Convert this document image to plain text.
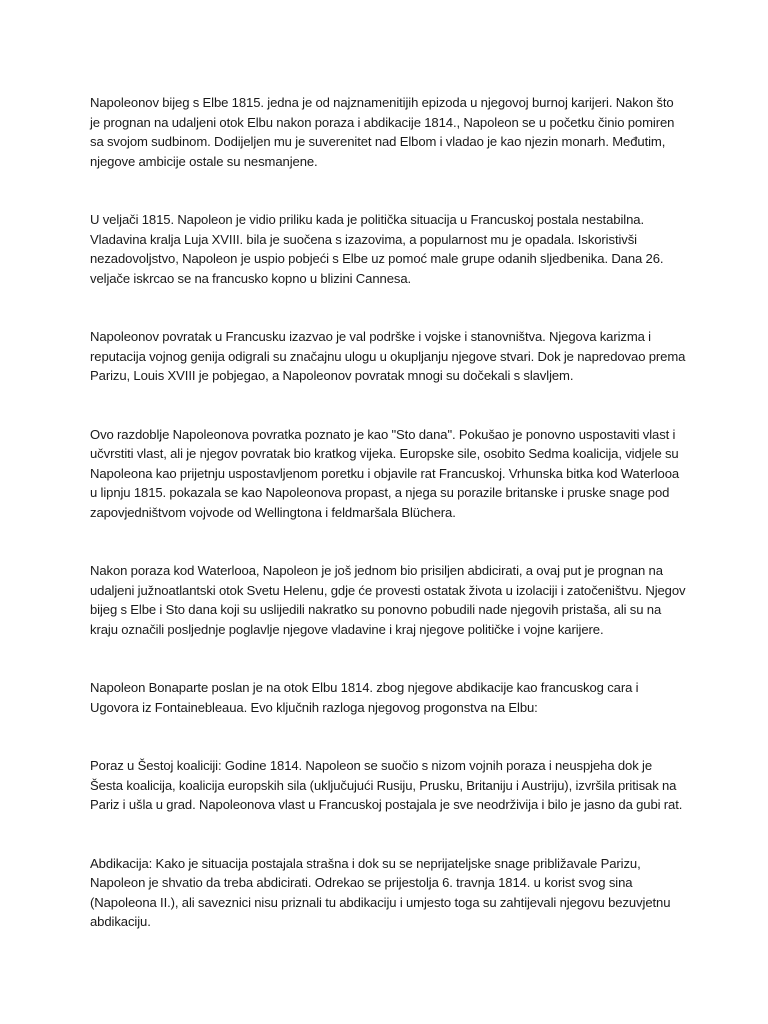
Napoleonov bijeg s Elbe 1815. jedna je od najznamenitijih epizoda u njegovoj burnoj karijeri. Nakon što je prognan na udaljeni otok Elbu nakon poraza i abdikacije 1814., Napoleon se u početku činio pomiren sa svojom sudbinom. Dodijeljen mu je suverenitet nad Elbom i vladao je kao njezin monarh. Međutim, njegove ambicije ostale su nesmanjene.

U veljači 1815. Napoleon je vidio priliku kada je politička situacija u Francuskoj postala nestabilna. Vladavina kralja Luja XVIII. bila je suočena s izazovima, a popularnost mu je opadala. Iskoristivši nezadovoljstvo, Napoleon je uspio pobjeći s Elbe uz pomoć male grupe odanih sljedbenika. Dana 26. veljače iskrcao se na francusko kopno u blizini Cannesa.

Napoleonov povratak u Francusku izazvao je val podrške i vojske i stanovništva. Njegova karizma i reputacija vojnog genija odigrali su značajnu ulogu u okupljanju njegove stvari. Dok je napredovao prema Parizu, Louis XVIII je pobjegao, a Napoleonov povratak mnogi su dočekali s slavljem.

Ovo razdoblje Napoleonova povratka poznato je kao "Sto dana". Pokušao je ponovno uspostaviti vlast i učvrstiti vlast, ali je njegov povratak bio kratkog vijeka. Europske sile, osobito Sedma koalicija, vidjele su Napoleona kao prijetnju uspostavljenom poretku i objavile rat Francuskoj. Vrhunska bitka kod Waterlooa u lipnju 1815. pokazala se kao Napoleonova propast, a njega su porazile britanske i pruske snage pod zapovjedništvom vojvode od Wellingtona i feldmaršala Blüchera.

Nakon poraza kod Waterlooa, Napoleon je još jednom bio prisiljen abdicirati, a ovaj put je prognan na udaljeni južnoatlantski otok Svetu Helenu, gdje će provesti ostatak života u izolaciji i zatočeništvu. Njegov bijeg s Elbe i Sto dana koji su uslijedili nakratko su ponovno pobudili nade njegovih pristaša, ali su na kraju označili posljednje poglavlje njegove vladavine i kraj njegove političke i vojne karijere.

Napoleon Bonaparte poslan je na otok Elbu 1814. zbog njegove abdikacije kao francuskog cara i Ugovora iz Fontainebleaua. Evo ključnih razloga njegovog progonstva na Elbu:

Poraz u Šestoj koaliciji: Godine 1814. Napoleon se suočio s nizom vojnih poraza i neuspjeha dok je Šesta koalicija, koalicija europskih sila (uključujući Rusiju, Prusku, Britaniju i Austriju), izvršila pritisak na Pariz i ušla u grad. Napoleonova vlast u Francuskoj postajala je sve neodrživija i bilo je jasno da gubi rat.

Abdikacija: Kako je situacija postajala strašna i dok su se neprijateljske snage približavale Parizu, Napoleon je shvatio da treba abdicirati. Odrekao se prijestolja 6. travnja 1814. u korist svog sina (Napoleona II.), ali saveznici nisu priznali tu abdikaciju i umjesto toga su zahtijevali njegovu bezuvjetnu abdikaciju.
